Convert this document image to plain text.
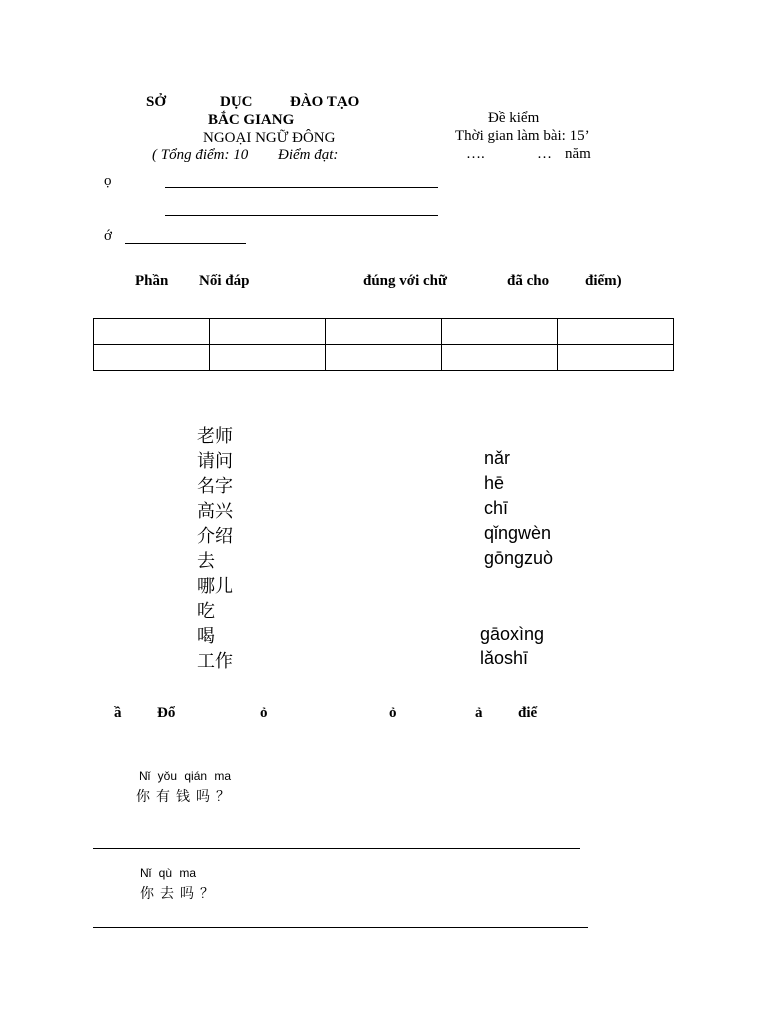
SỞ	DỤC	ĐÀO TẠO
BẮC GIANG
NGOẠI NGỮ ĐÔNG
( Tổng điểm: 10 Điểm đạt:
Đề kiểm
Thời gian làm bài: 15’
….	… năm
ọ
ớ
Phần Nối đáp	đúng với chữ	đã cho điểm)

老师
请问
名字
高兴
介绍
去
哪儿
吃
喝
工作
nǎr
hē
chī
qǐngwèn
gōngzuò
gāoxìng
lǎoshī
ầ Đổ	ỏ	ỏ	ả điể
Nǐ yǒu qián ma
你有钱吗？
Nǐ qù ma
你去吗？
